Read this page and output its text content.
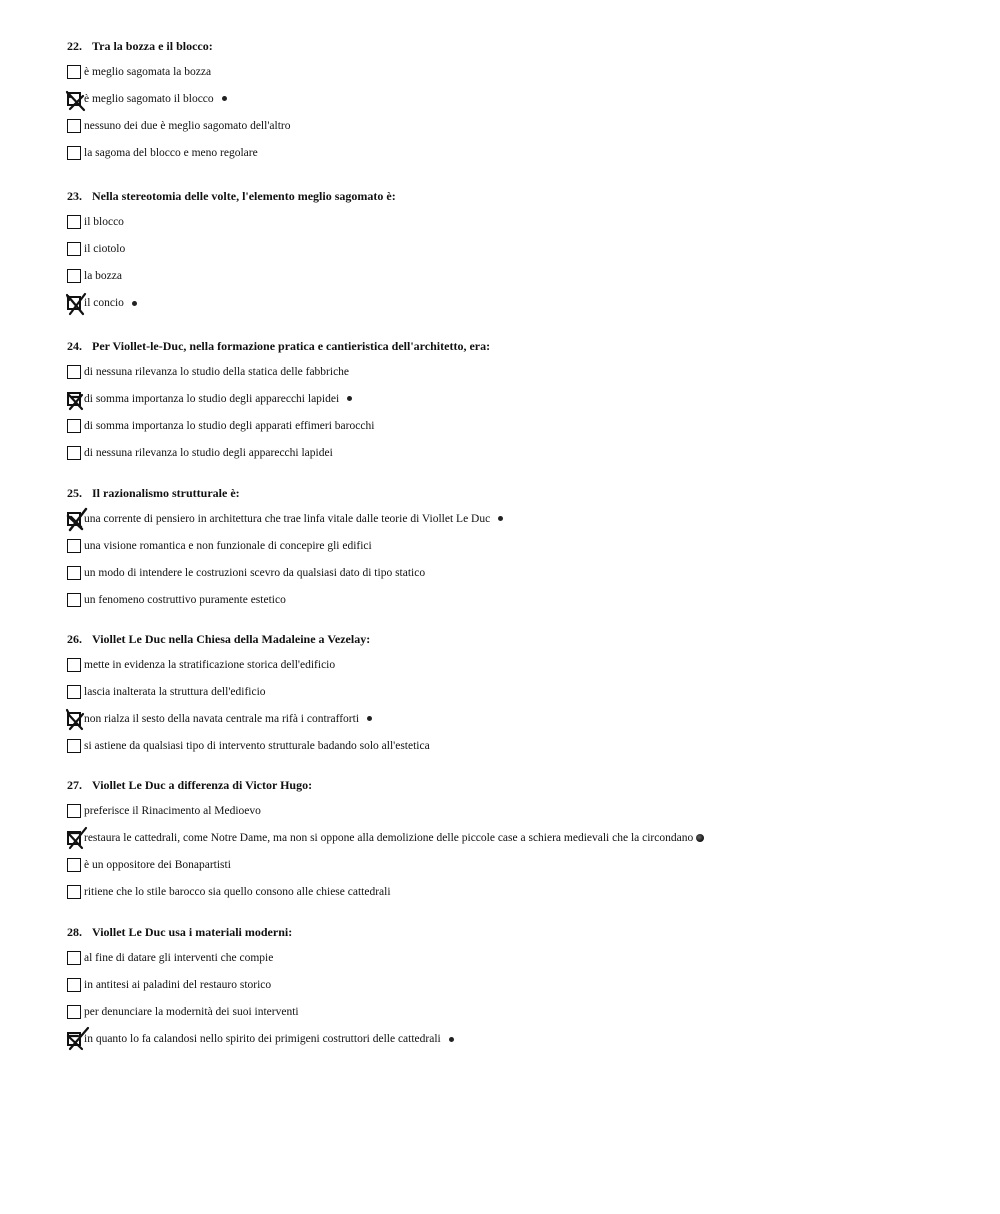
22. Tra la bozza e il blocco:
è meglio sagomata la bozza
è meglio sagomato il blocco
nessuno dei due è meglio sagomato dell'altro
la sagoma del blocco e meno regolare
23. Nella stereotomia delle volte, l'elemento meglio sagomato è:
il blocco
il ciotolo
la bozza
il concio
24. Per Viollet-le-Duc, nella formazione pratica e cantieristica dell'architetto, era:
di nessuna rilevanza lo studio della statica delle fabbriche
di somma importanza lo studio degli apparecchi lapidei
di somma importanza lo studio degli apparati effimeri barocchi
di nessuna rilevanza lo studio degli apparecchi lapidei
25. Il razionalismo strutturale è:
una corrente di pensiero in architettura che trae linfa vitale dalle teorie di Viollet Le Duc
una visione romantica e non funzionale di concepire gli edifici
un modo di intendere le costruzioni scevro da qualsiasi dato di tipo statico
un fenomeno costruttivo puramente estetico
26. Viollet Le Duc nella Chiesa della Madaleine a Vezelay:
mette in evidenza la stratificazione storica dell'edificio
lascia inalterata la struttura dell'edificio
non rialza il sesto della navata centrale ma rifà i contrafforti
si astiene da qualsiasi tipo di intervento strutturale badando solo all'estetica
27. Viollet Le Duc a differenza di Victor Hugo:
preferisce il Rinacimento al Medioevo
restaura le cattedrali, come Notre Dame, ma non si oppone alla demolizione delle piccole case a schiera medievali che la circondano
è un oppositore dei Bonapartisti
ritiene che lo stile barocco sia quello consono alle chiese cattedrali
28. Viollet Le Duc usa i materiali moderni:
al fine di datare gli interventi che compie
in antitesi ai paladini del restauro storico
per denunciare la modernità dei suoi interventi
in quanto lo fa calandosi nello spirito dei primigeni costruttori delle cattedrali
